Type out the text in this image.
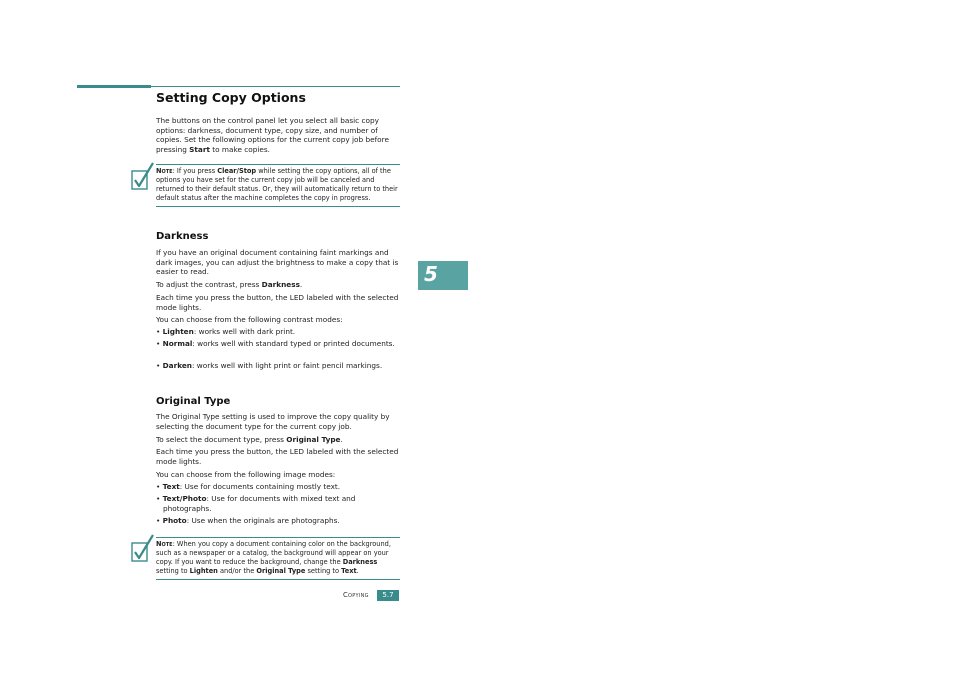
Setting Copy Options
The buttons on the control panel let you select all basic copy options: darkness, document type, copy size, and number of copies. Set the following options for the current copy job before pressing Start to make copies.
Note: If you press Clear/Stop while setting the copy options, all of the options you have set for the current copy job will be canceled and returned to their default status. Or, they will automatically return to their default status after the machine completes the copy in progress.
Darkness
If you have an original document containing faint markings and dark images, you can adjust the brightness to make a copy that is easier to read.
To adjust the contrast, press Darkness.
Each time you press the button, the LED labeled with the selected mode lights.
You can choose from the following contrast modes:
• Lighten: works well with dark print.
• Normal: works well with standard typed or printed documents.
• Darken: works well with light print or faint pencil markings.
Original Type
The Original Type setting is used to improve the copy quality by selecting the document type for the current copy job.
To select the document type, press Original Type.
Each time you press the button, the LED labeled with the selected mode lights.
You can choose from the following image modes:
• Text: Use for documents containing mostly text.
• Text/Photo: Use for documents with mixed text and photographs.
• Photo: Use when the originals are photographs.
Note: When you copy a document containing color on the background, such as a newspaper or a catalog, the background will appear on your copy. If you want to reduce the background, change the Darkness setting to Lighten and/or the Original Type setting to Text.
5
Copying	5.7
